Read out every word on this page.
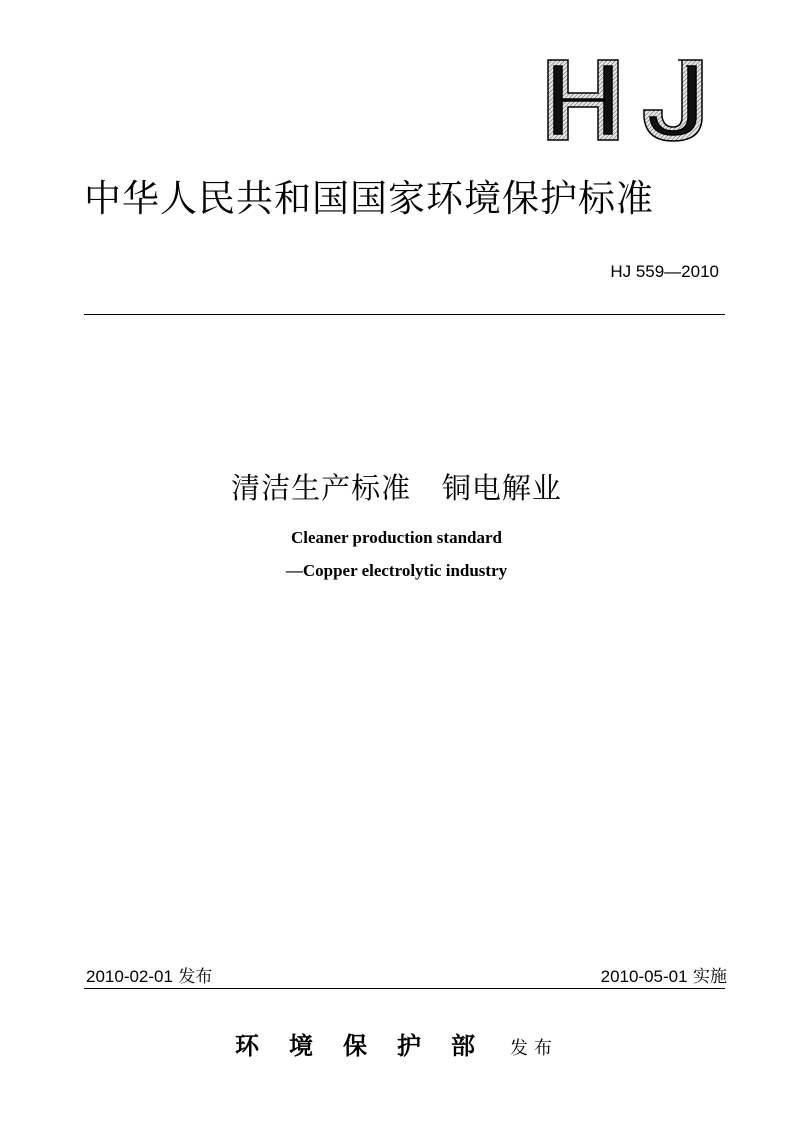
中华人民共和国国家环境保护标准
HJ 559—2010
清洁生产标准   铜电解业
Cleaner production standard
—Copper electrolytic industry
2010-02-01 发布	2010-05-01 实施
环境保护部 发布
